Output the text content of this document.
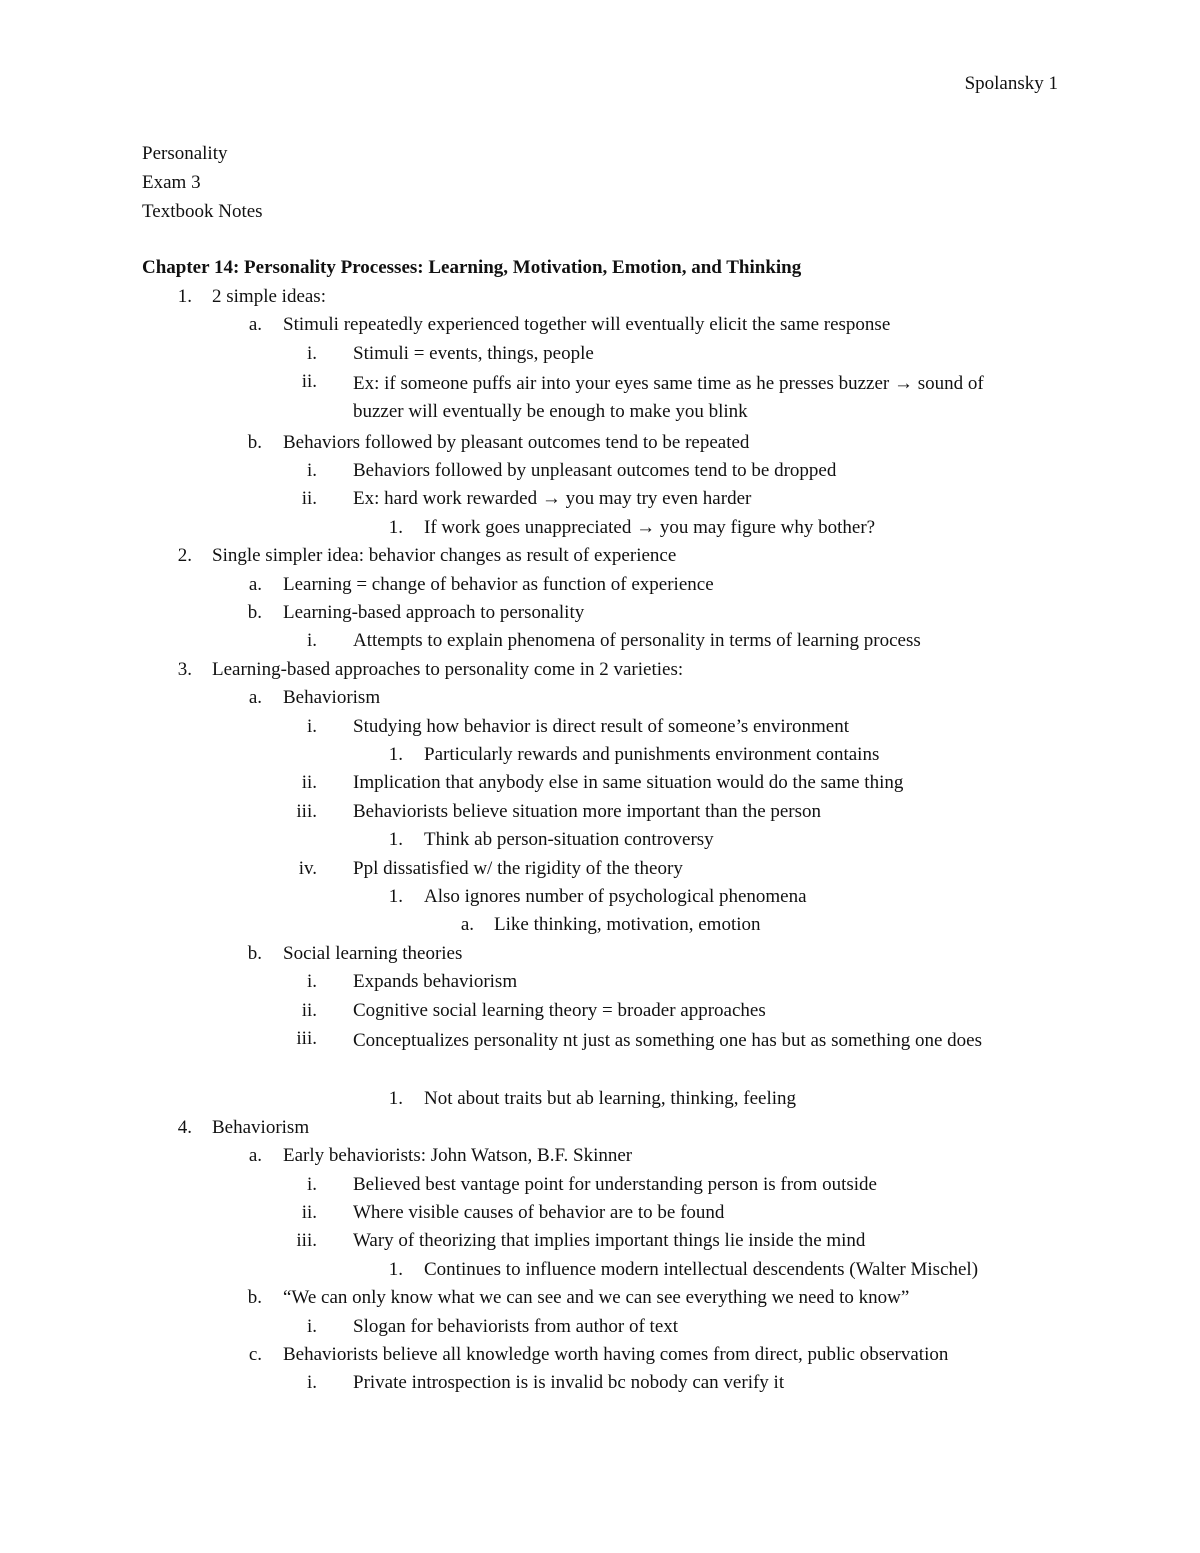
Spolansky 1
Personality
Exam 3
Textbook Notes
Chapter 14: Personality Processes: Learning, Motivation, Emotion, and Thinking
1. 2 simple ideas:
a. Stimuli repeatedly experienced together will eventually elicit the same response
i. Stimuli = events, things, people
ii. Ex: if someone puffs air into your eyes same time as he presses buzzer → sound of buzzer will eventually be enough to make you blink
b. Behaviors followed by pleasant outcomes tend to be repeated
i. Behaviors followed by unpleasant outcomes tend to be dropped
ii. Ex: hard work rewarded → you may try even harder
1. If work goes unappreciated → you may figure why bother?
2. Single simpler idea: behavior changes as result of experience
a. Learning = change of behavior as function of experience
b. Learning-based approach to personality
i. Attempts to explain phenomena of personality in terms of learning process
3. Learning-based approaches to personality come in 2 varieties:
a. Behaviorism
i. Studying how behavior is direct result of someone’s environment
1. Particularly rewards and punishments environment contains
ii. Implication that anybody else in same situation would do the same thing
iii. Behaviorists believe situation more important than the person
1. Think ab person-situation controversy
iv. Ppl dissatisfied w/ the rigidity of the theory
1. Also ignores number of psychological phenomena
a. Like thinking, motivation, emotion
b. Social learning theories
i. Expands behaviorism
ii. Cognitive social learning theory = broader approaches
iii. Conceptualizes personality nt just as something one has but as something one does
1. Not about traits but ab learning, thinking, feeling
4. Behaviorism
a. Early behaviorists: John Watson, B.F. Skinner
i. Believed best vantage point for understanding person is from outside
ii. Where visible causes of behavior are to be found
iii. Wary of theorizing that implies important things lie inside the mind
1. Continues to influence modern intellectual descendents (Walter Mischel)
b. “We can only know what we can see and we can see everything we need to know”
i. Slogan for behaviorists from author of text
c. Behaviorists believe all knowledge worth having comes from direct, public observation
i. Private introspection is is invalid bc nobody can verify it
